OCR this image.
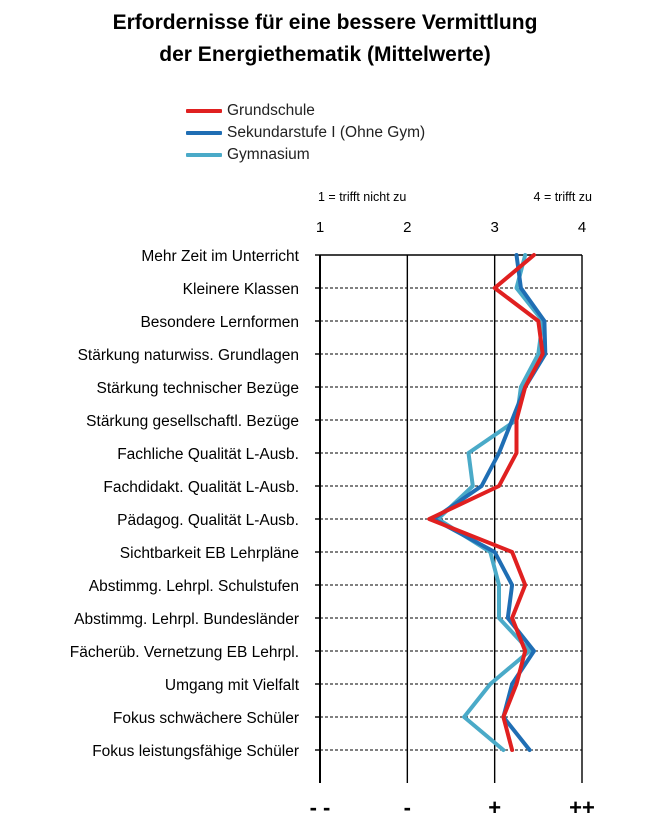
Erfordernisse für eine bessere Vermittlung
der Energiethematik (Mittelwerte)
Grundschule
Sekundarstufe I (Ohne Gym)
Gymnasium
1 = trifft nicht zu	4 = trifft zu
1	2	3	4
Mehr Zeit im Unterricht
Kleinere Klassen
Besondere Lernformen
Stärkung naturwiss. Grundlagen
Stärkung technischer Bezüge
Stärkung gesellschaftl. Bezüge
Fachliche Qualität L-Ausb.
Fachdidakt. Qualität L-Ausb.
Pädagog. Qualität L-Ausb.
Sichtbarkeit EB Lehrpläne
Abstimmg. Lehrpl. Schulstufen
Abstimmg. Lehrpl. Bundesländer
Fächerüb. Vernetzung EB Lehrpl.
Umgang mit Vielfalt
Fokus schwächere Schüler
Fokus leistungsfähige Schüler
- -	-	+	++
